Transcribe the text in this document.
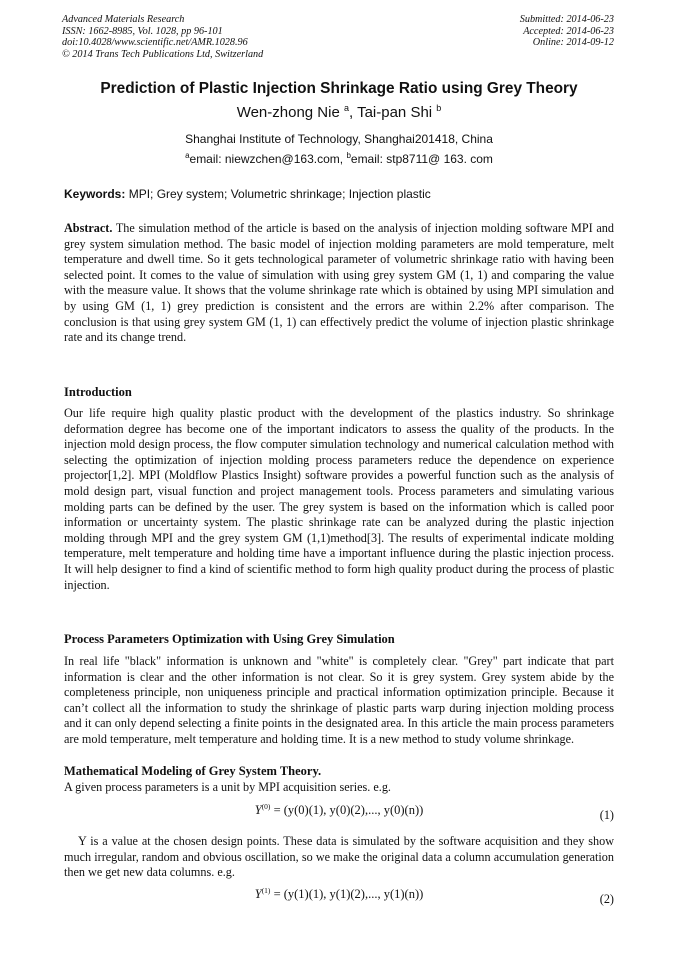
Advanced Materials Research
ISSN: 1662-8985, Vol. 1028, pp 96-101
doi:10.4028/www.scientific.net/AMR.1028.96
© 2014 Trans Tech Publications Ltd, Switzerland
Submitted: 2014-06-23
Accepted: 2014-06-23
Online: 2014-09-12
Prediction of Plastic Injection Shrinkage Ratio using Grey Theory
Wen-zhong Nie $^a$, Tai-pan Shi $^b$
Shanghai Institute of Technology, Shanghai201418, China
$^a$email: niewzchen@163.com, $^b$email: stp8711@ 163. com
Keywords: MPI; Grey system; Volumetric shrinkage; Injection plastic
Abstract. The simulation method of the article is based on the analysis of injection molding software MPI and grey system simulation method. The basic model of injection molding parameters are mold temperature, melt temperature and dwell time. So it gets technological parameter of volumetric shrinkage ratio with having been selected point. It comes to the value of simulation with using grey system GM (1, 1) and comparing the value with the measure value. It shows that the volume shrinkage rate which is obtained by using MPI simulation and by using GM (1, 1) grey prediction is consistent and the errors are within 2.2% after comparison. The conclusion is that using grey system GM (1, 1) can effectively predict the volume of injection plastic shrinkage rate and its change trend.
Introduction
Our life require high quality plastic product with the development of the plastics industry. So shrinkage deformation degree has become one of the important indicators to assess the quality of the products. In the injection mold design process, the flow computer simulation technology and numerical calculation method with selecting the optimization of injection molding process parameters reduce the dependence on experience projector[1,2]. MPI (Moldflow Plastics Insight) software provides a powerful function such as the analysis of mold design part, visual function and project management tools. Process parameters and simulating various molding parts can be defined by the user. The grey system is based on the information which is called poor information or uncertainty system. The plastic shrinkage rate can be analyzed during the plastic injection molding through MPI and the grey system GM (1,1)method[3]. The results of experimental indicate molding temperature, melt temperature and holding time have a important influence during the plastic injection process. It will help designer to find a kind of scientific method to form high quality product during the process of plastic injection.
Process Parameters Optimization with Using Grey Simulation
In real life "black" information is unknown and "white" is completely clear. "Grey" part indicate that part information is clear and the other information is not clear. So it is grey system. Grey system abide by the completeness principle, non uniqueness principle and practical information optimization principle. Because it can’t collect all the information to study the shrinkage of plastic parts warp during injection molding process and it can only depend selecting a finite points in the designated area. In this article the main process parameters are mold temperature, melt temperature and holding time. It is a new method to study volume shrinkage.
Mathematical Modeling of Grey System Theory.
A given process parameters is a unit by MPI acquisition series. e.g.
$Y^{(0)} = (y(0)(1)$, y(0)(2),..., y(0)(n))	(1)
Y is a value at the chosen design points. These data is simulated by the software acquisition and they show much irregular, random and obvious oscillation, so we make the original data a column accumulation generation then we get new data columns. e.g.
$Y^{(1)} = (y(1)(1)$, y(1)(2),..., y(1)(n))	(2)
